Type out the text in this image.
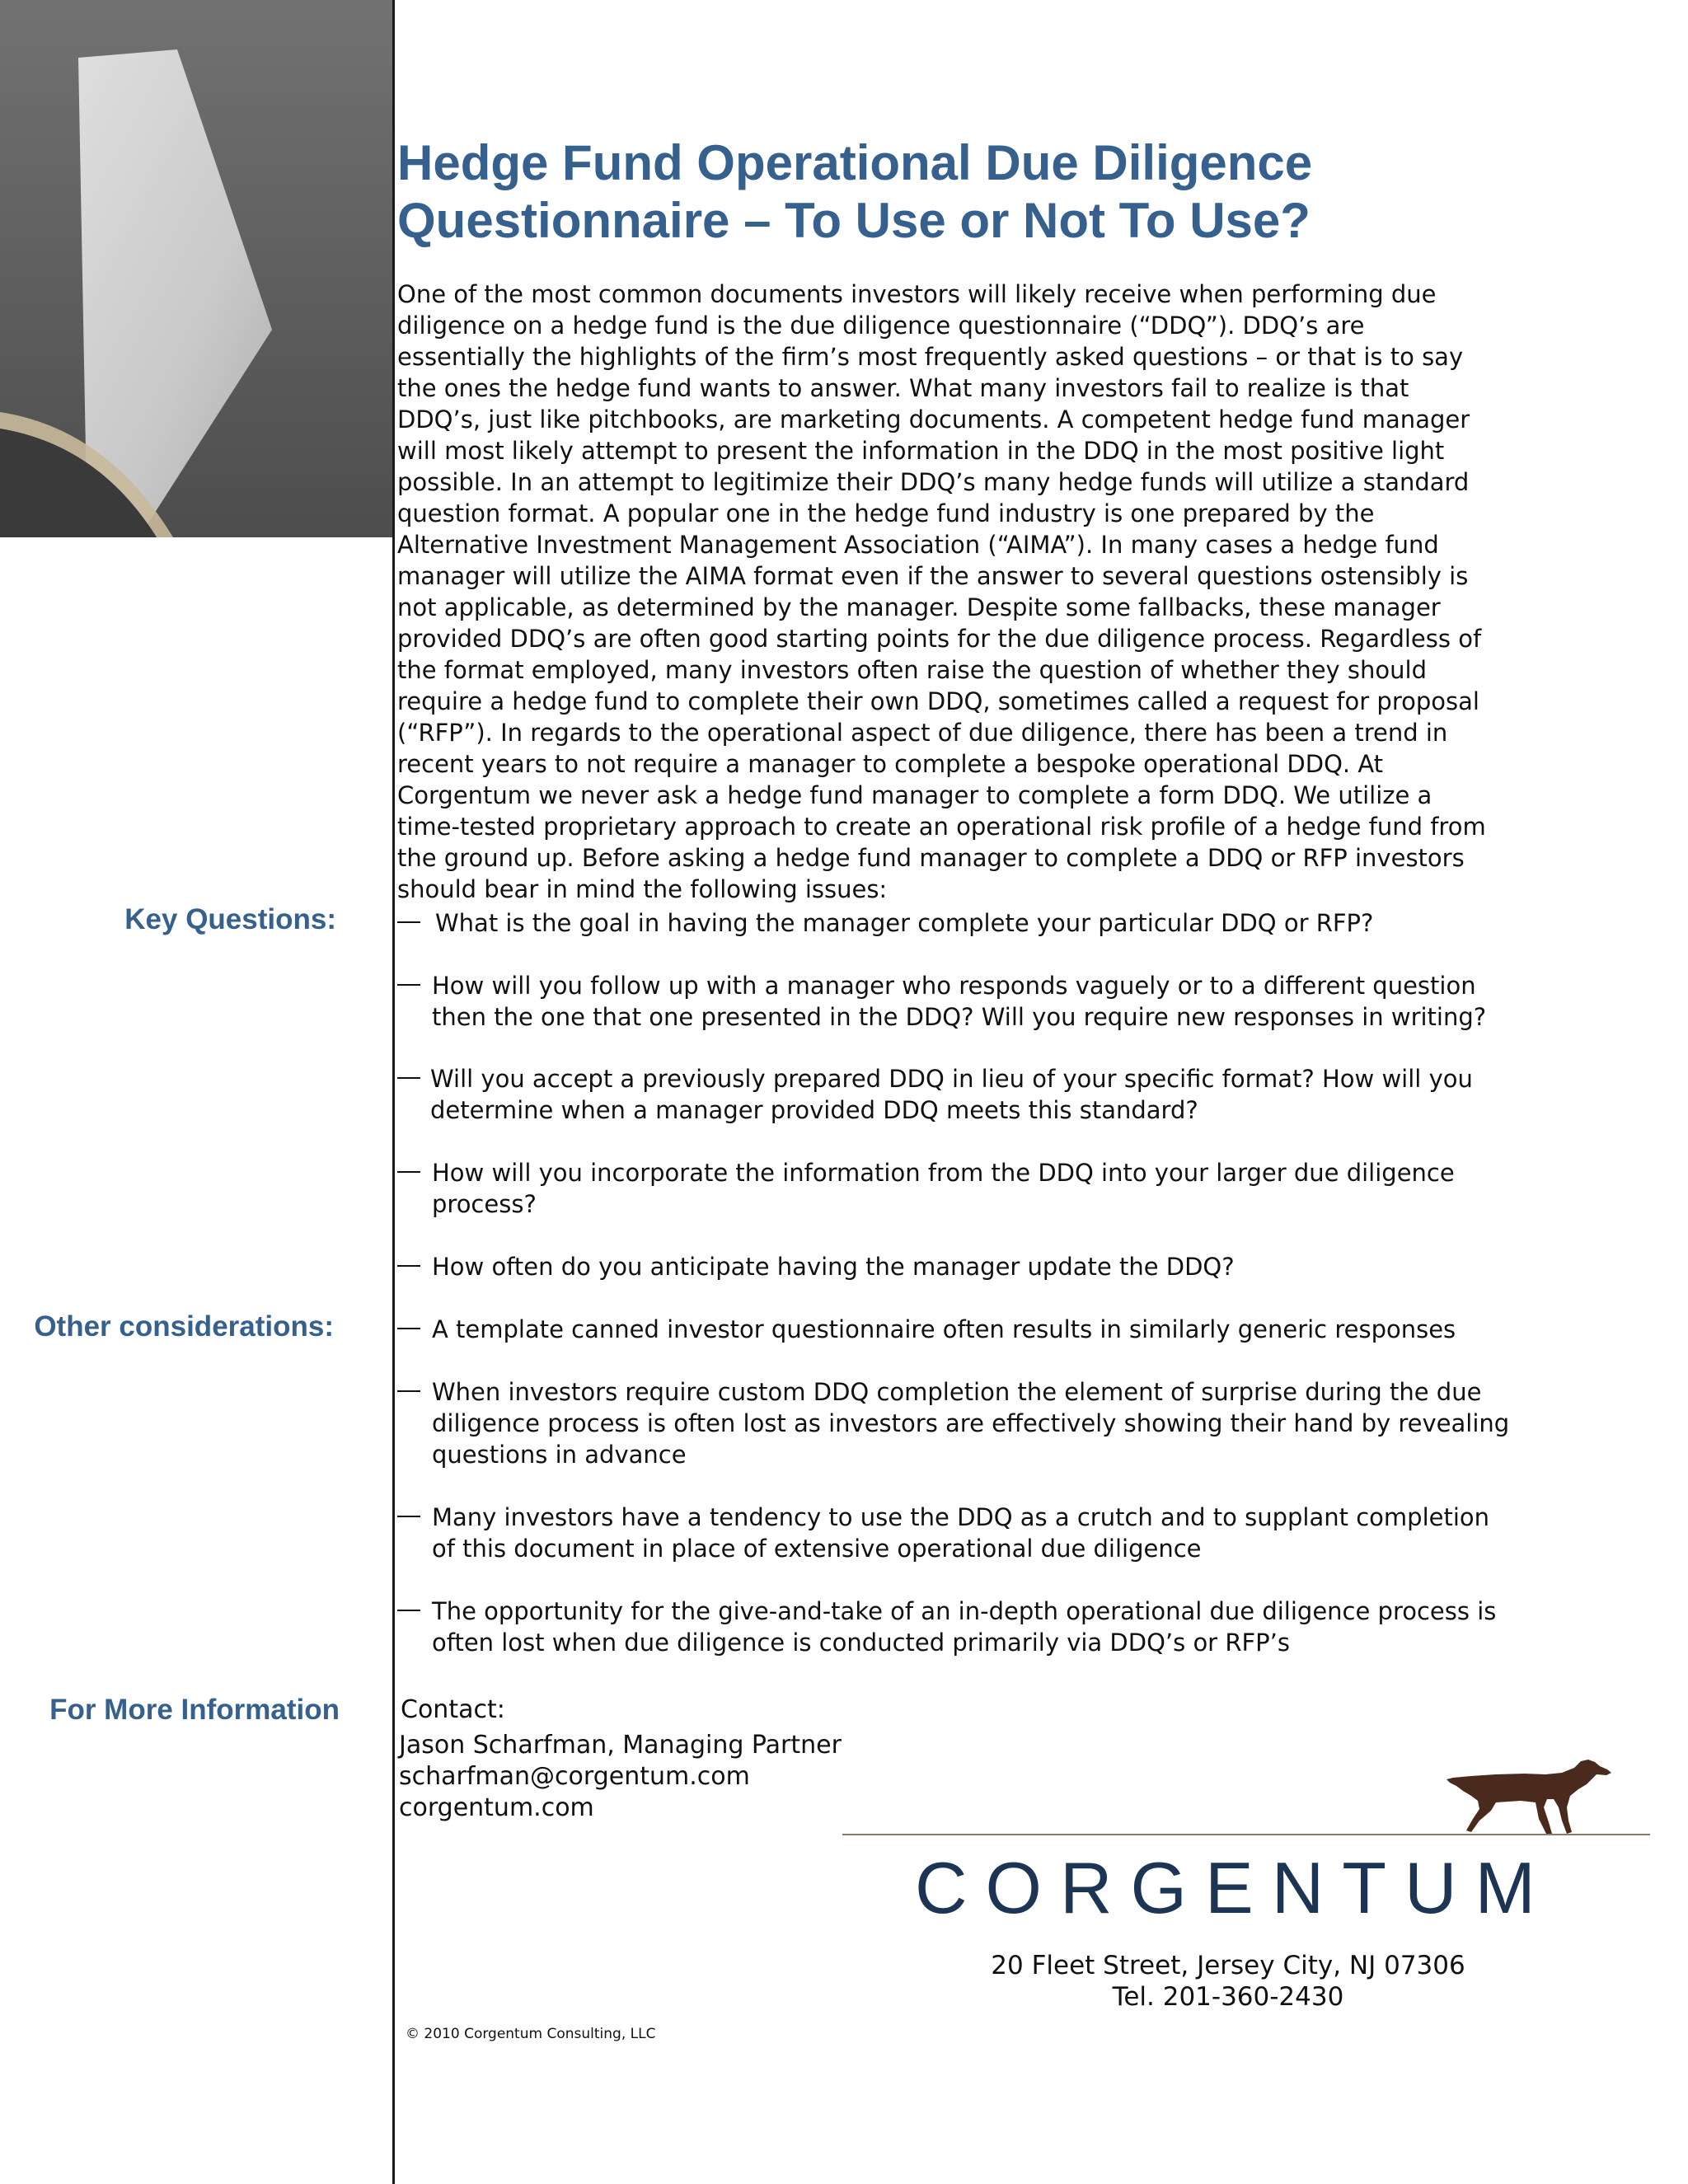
Hedge Fund Operational Due Diligence
Questionnaire – To Use or Not To Use?
One of the most common documents investors will likely receive when performing due diligence on a hedge fund is the due diligence questionnaire (“DDQ”). DDQ’s are essentially the highlights of the firm’s most frequently asked questions – or that is to say the ones the hedge fund wants to answer. What many investors fail to realize is that DDQ’s, just like pitchbooks, are marketing documents. A competent hedge fund manager will most likely attempt to present the information in the DDQ in the most positive light possible. In an attempt to legitimize their DDQ’s many hedge funds will utilize a standard question format. A popular one in the hedge fund industry is one prepared by the Alternative Investment Management Association (“AIMA”). In many cases a hedge fund manager will utilize the AIMA format even if the answer to several questions ostensibly is not applicable, as determined by the manager. Despite some fallbacks, these manager provided DDQ’s are often good starting points for the due diligence process. Regardless of the format employed, many investors often raise the question of whether they should require a hedge fund to complete their own DDQ, sometimes called a request for proposal (“RFP”). In regards to the operational aspect of due diligence, there has been a trend in recent years to not require a manager to complete a bespoke operational DDQ. At Corgentum we never ask a hedge fund manager to complete a form DDQ. We utilize a time-tested proprietary approach to create an operational risk profile of a hedge fund from the ground up. Before asking a hedge fund manager to complete a DDQ or RFP investors should bear in mind the following issues:
Key Questions:	What is the goal in having the manager complete your particular DDQ or RFP?
How will you follow up with a manager who responds vaguely or to a different question then the one that one presented in the DDQ? Will you require new responses in writing?
Will you accept a previously prepared DDQ in lieu of your specific format? How will you determine when a manager provided DDQ meets this standard?
How will you incorporate the information from the DDQ into your larger due diligence process?
How often do you anticipate having the manager update the DDQ?
Other considerations:	A template canned investor questionnaire often results in similarly generic responses
When investors require custom DDQ completion the element of surprise during the due diligence process is often lost as investors are effectively showing their hand by revealing questions in advance
Many investors have a tendency to use the DDQ as a crutch and to supplant completion of this document in place of extensive operational due diligence
The opportunity for the give-and-take of an in-depth operational due diligence process is often lost when due diligence is conducted primarily via DDQ’s or RFP’s
For More Information Contact:
Jason Scharfman, Managing Partner
scharfman@corgentum.com
corgentum.com
CORGENTUM
20 Fleet Street, Jersey City, NJ 07306
Tel. 201-360-2430
© 2010 Corgentum Consulting, LLC
